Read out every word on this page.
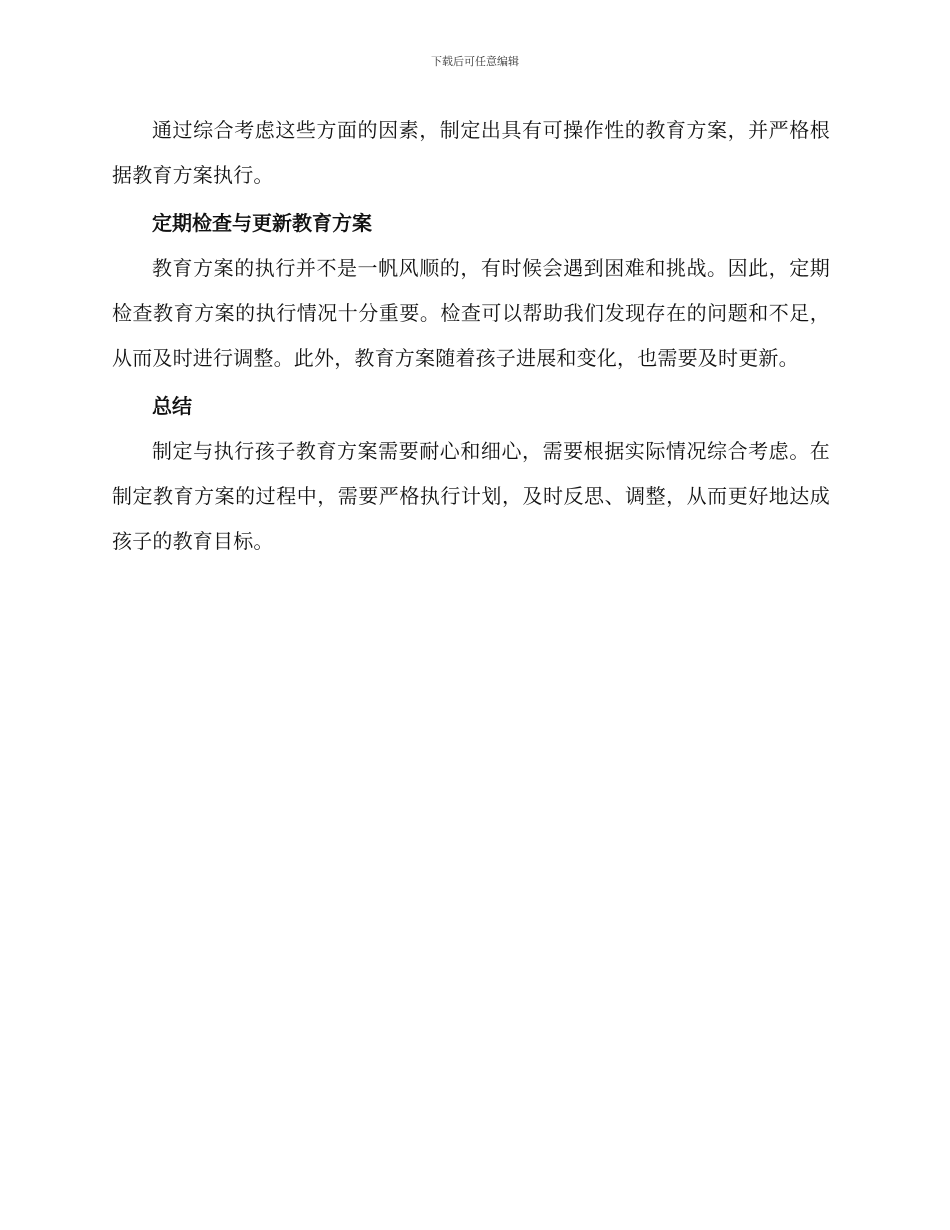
下载后可任意编辑

通过综合考虑这些方面的因素，制定出具有可操作性的教育方案，并严格根据教育方案执行。

定期检查与更新教育方案

教育方案的执行并不是一帆风顺的，有时候会遇到困难和挑战。因此，定期检查教育方案的执行情况十分重要。检查可以帮助我们发现存在的问题和不足，从而及时进行调整。此外，教育方案随着孩子进展和变化，也需要及时更新。

总结

制定与执行孩子教育方案需要耐心和细心，需要根据实际情况综合考虑。在制定教育方案的过程中，需要严格执行计划，及时反思、调整，从而更好地达成孩子的教育目标。
